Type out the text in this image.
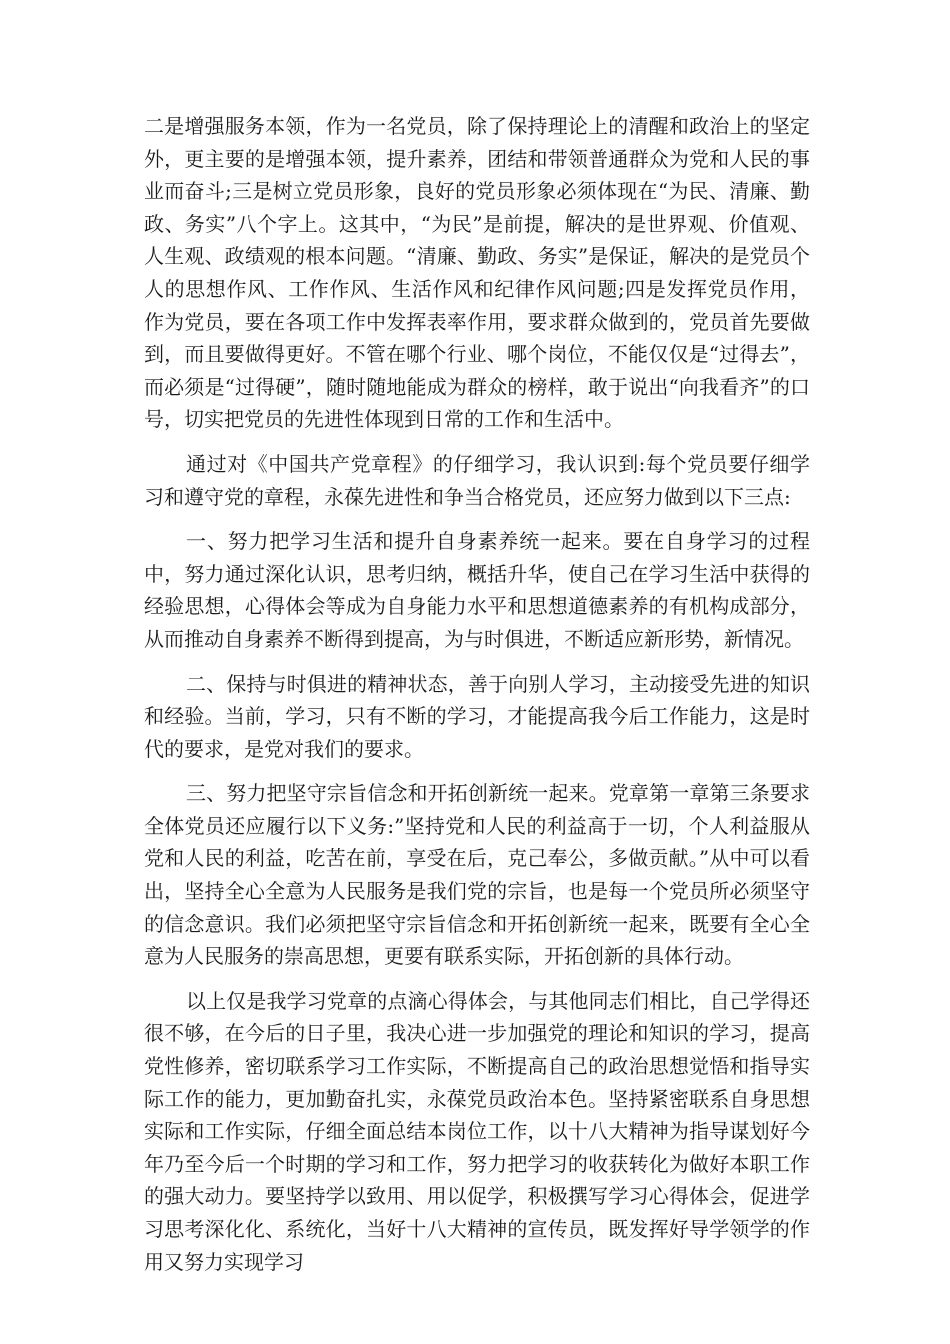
二是增强服务本领，作为一名党员，除了保持理论上的清醒和政治上的坚定外，更主要的是增强本领，提升素养，团结和带领普通群众为党和人民的事业而奋斗;三是树立党员形象，良好的党员形象必须体现在“为民、清廉、勤政、务实”八个字上。这其中，“为民”是前提，解决的是世界观、价值观、人生观、政绩观的根本问题。“清廉、勤政、务实”是保证，解决的是党员个人的思想作风、工作作风、生活作风和纪律作风问题;四是发挥党员作用，作为党员，要在各项工作中发挥表率作用，要求群众做到的，党员首先要做到，而且要做得更好。不管在哪个行业、哪个岗位，不能仅仅是“过得去”，而必须是“过得硬”，随时随地能成为群众的榜样，敢于说出“向我看齐”的口号，切实把党员的先进性体现到日常的工作和生活中。

通过对《中国共产党章程》的仔细学习，我认识到:每个党员要仔细学习和遵守党的章程，永葆先进性和争当合格党员，还应努力做到以下三点:

一、努力把学习生活和提升自身素养统一起来。要在自身学习的过程中，努力通过深化认识，思考归纳，概括升华，使自己在学习生活中获得的经验思想，心得体会等成为自身能力水平和思想道德素养的有机构成部分，从而推动自身素养不断得到提高，为与时俱进，不断适应新形势，新情况。

二、保持与时俱进的精神状态，善于向别人学习，主动接受先进的知识和经验。当前，学习，只有不断的学习，才能提高我今后工作能力，这是时代的要求，是党对我们的要求。

三、努力把坚守宗旨信念和开拓创新统一起来。党章第一章第三条要求全体党员还应履行以下义务:”坚持党和人民的利益高于一切，个人利益服从党和人民的利益，吃苦在前，享受在后，克己奉公，多做贡献。”从中可以看出，坚持全心全意为人民服务是我们党的宗旨，也是每一个党员所必须坚守的信念意识。我们必须把坚守宗旨信念和开拓创新统一起来，既要有全心全意为人民服务的崇高思想，更要有联系实际，开拓创新的具体行动。

以上仅是我学习党章的点滴心得体会，与其他同志们相比，自己学得还很不够，在今后的日子里，我决心进一步加强党的理论和知识的学习，提高党性修养，密切联系学习工作实际，不断提高自己的政治思想觉悟和指导实际工作的能力，更加勤奋扎实，永葆党员政治本色。坚持紧密联系自身思想实际和工作实际，仔细全面总结本岗位工作，以十八大精神为指导谋划好今年乃至今后一个时期的学习和工作，努力把学习的收获转化为做好本职工作的强大动力。要坚持学以致用、用以促学，积极撰写学习心得体会，促进学习思考深化化、系统化，当好十八大精神的宣传员，既发挥好导学领学的作用又努力实现学习
